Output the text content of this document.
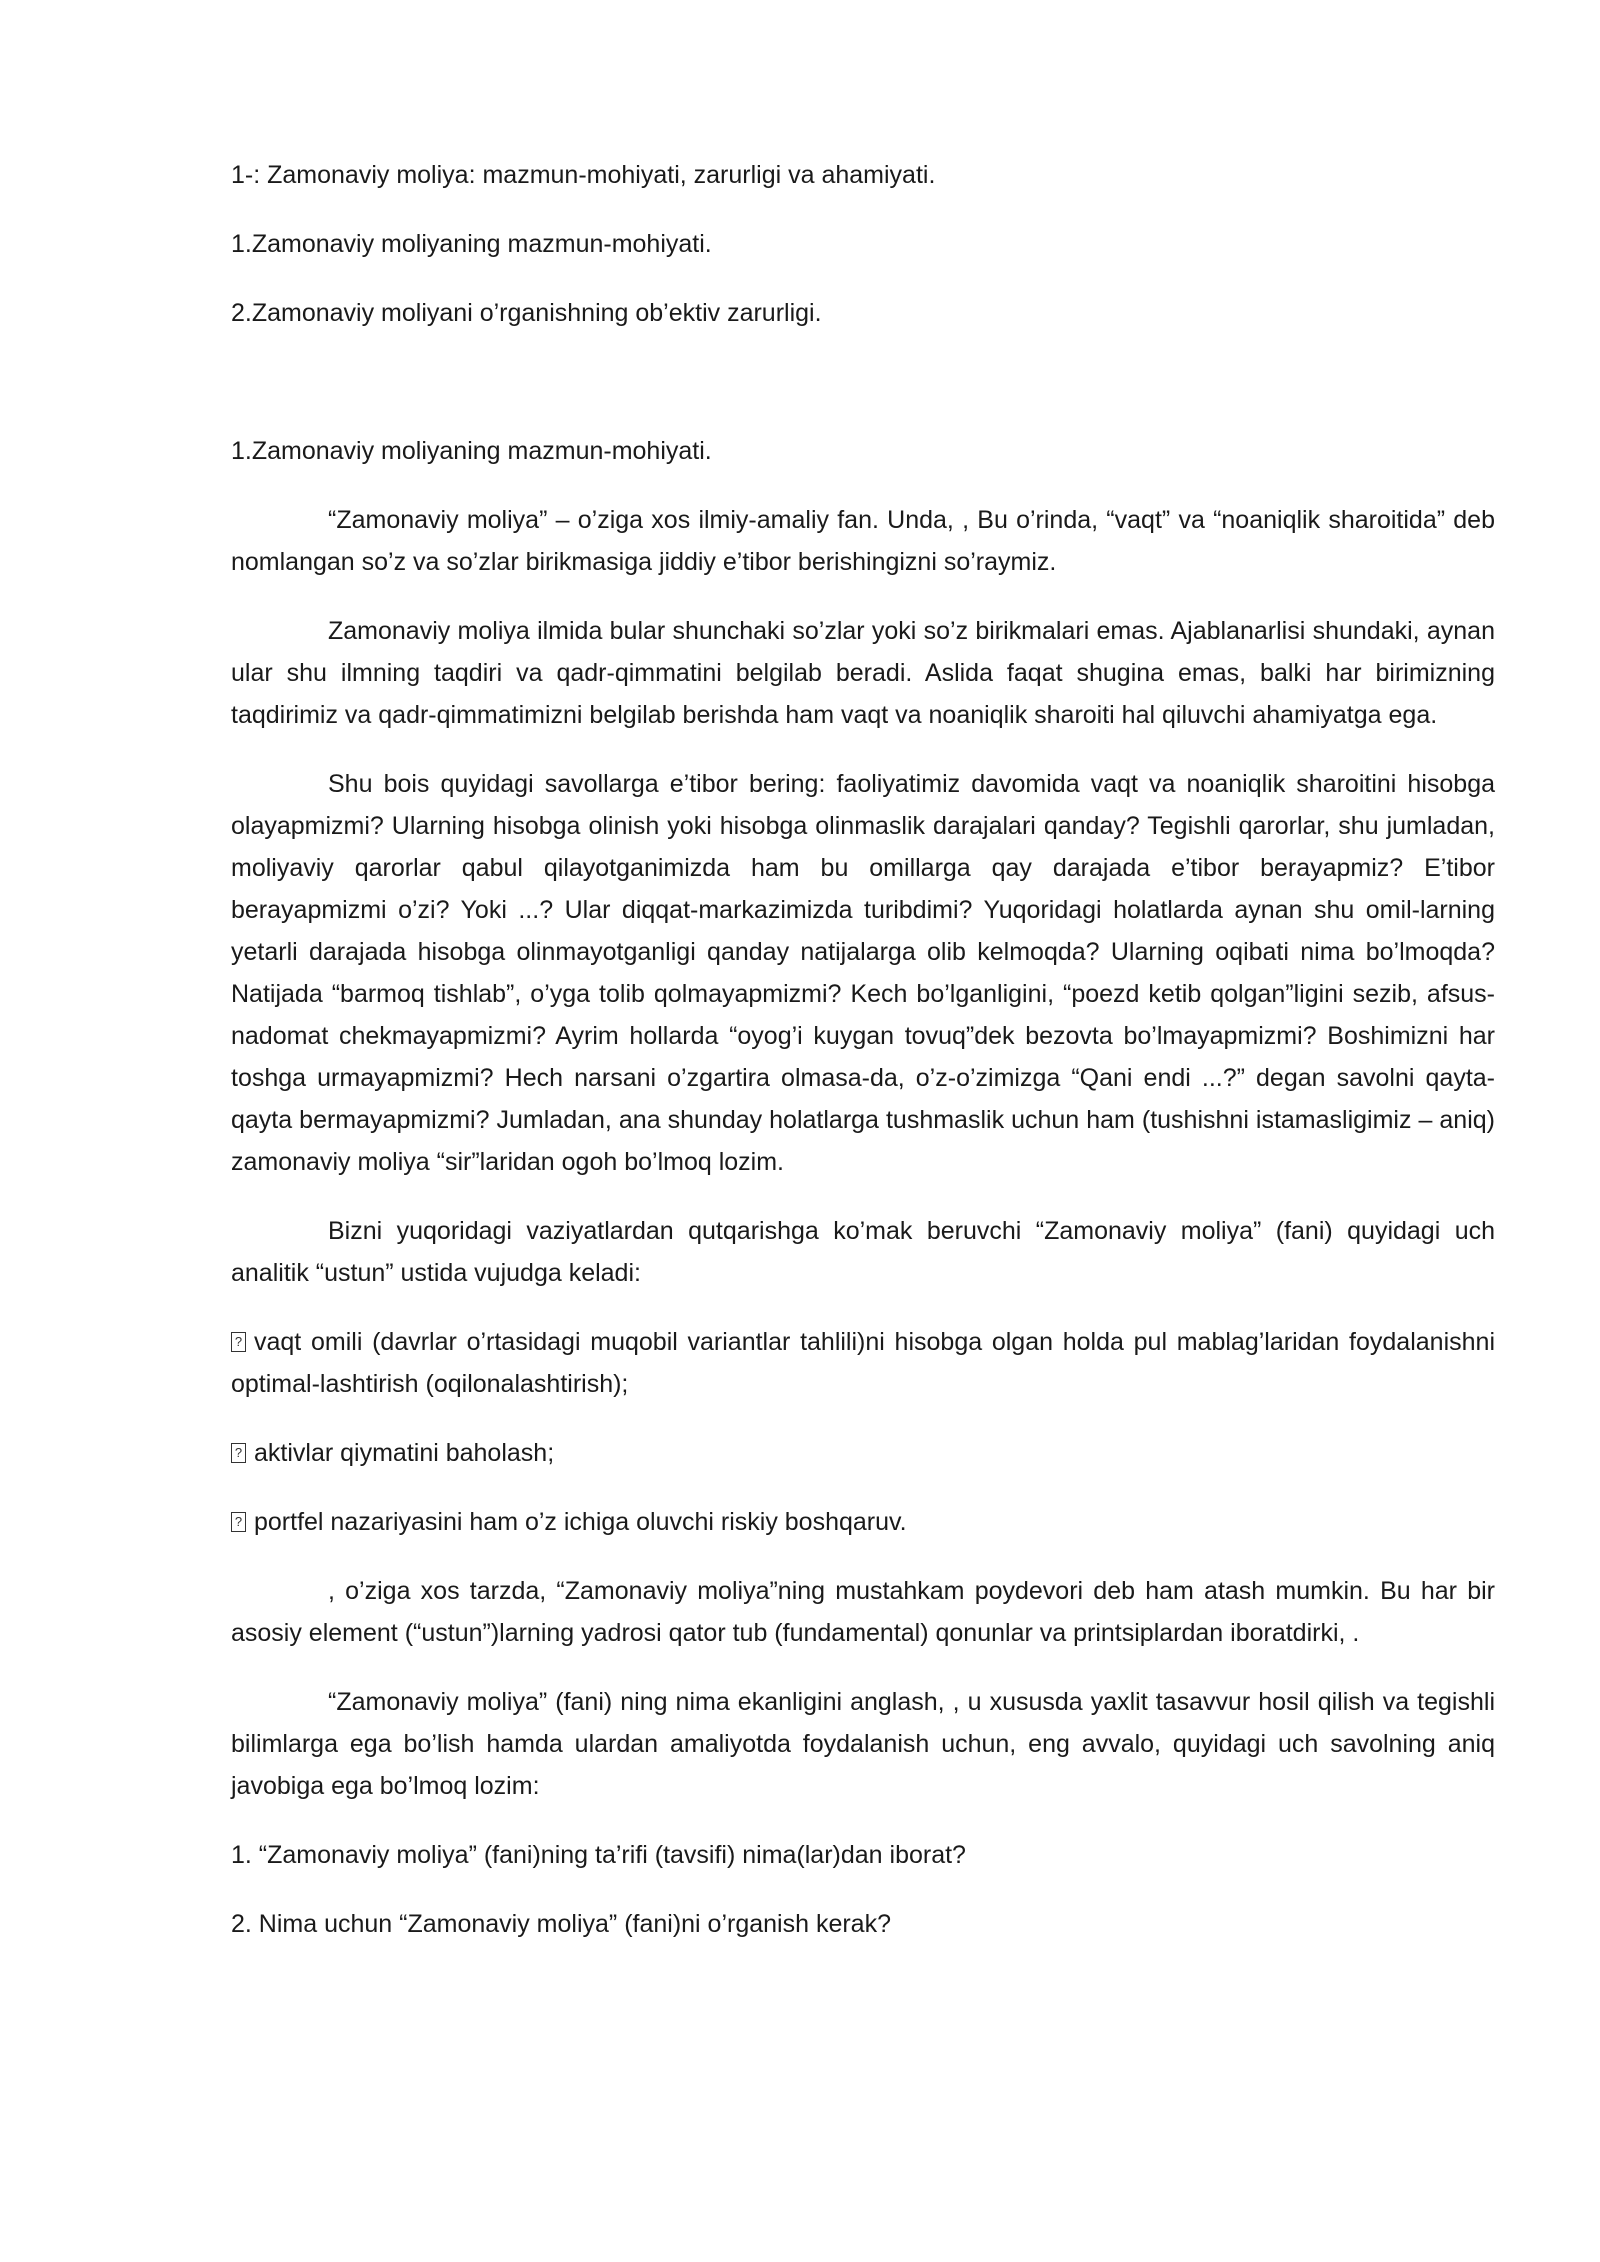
1-: Zamonaviy moliya: mazmun-mohiyati, zarurligi va ahamiyati.
1.Zamonaviy moliyaning mazmun-mohiyati.
2.Zamonaviy moliyani o’rganishning ob’ektiv zarurligi.
1.Zamonaviy moliyaning mazmun-mohiyati.

“Zamonaviy moliya” – o’ziga xos ilmiy-amaliy fan. Unda, , Bu o’rinda, “vaqt” va “noaniqlik sharoitida” deb nomlangan so’z va so’zlar birikmasiga jiddiy e’tibor berishingizni so’raymiz.

Zamonaviy moliya ilmida bular shunchaki so’zlar yoki so’z birikmalari emas. Ajablanarlisi shundaki, aynan ular shu ilmning taqdiri va qadr-qimmatini belgilab beradi. Aslida faqat shugina emas, balki har birimizning taqdirimiz va qadr-qimmatimizni belgilab berishda ham vaqt va noaniqlik sharoiti hal qiluvchi ahamiyatga ega.

Shu bois quyidagi savollarga e’tibor bering: faoliyatimiz davomida vaqt va noaniqlik sharoitini hisobga olayapmizmi? Ularning hisobga olinish yoki hisobga olinmaslik darajalari qanday? Tegishli qarorlar, shu jumladan, moliyaviy qarorlar qabul qilayotganimizda ham bu omillarga qay darajada e’tibor berayapmiz? E’tibor berayapmizmi o’zi? Yoki ...? Ular diqqat-markazimizda turibdimi? Yuqoridagi holatlarda aynan shu omil-larning yetarli darajada hisobga olinmayotganligi qanday natijalarga olib kelmoqda? Ularning oqibati nima bo’lmoqda? Natijada “barmoq tishlab”, o’yga tolib qolmayapmizmi? Kech bo’lganligini, “poezd ketib qolgan”ligini sezib, afsus-nadomat chekmayapmizmi? Ayrim hollarda “oyog’i kuygan tovuq”dek bezovta bo’lmayapmizmi? Boshimizni har toshga urmayapmizmi? Hech narsani o’zgartira olmasa-da, o’z-o’zimizga “Qani endi ...?” degan savolni qayta-qayta bermayapmizmi? Jumladan, ana shunday holatlarga tushmaslik uchun ham (tushishni istamasligimiz – aniq) zamonaviy moliya “sir”laridan ogoh bo’lmoq lozim.

Bizni yuqoridagi vaziyatlardan qutqarishga ko’mak beruvchi “Zamonaviy moliya” (fani) quyidagi uch analitik “ustun” ustida vujudga keladi:

?vaqt omili (davrlar o’rtasidagi muqobil variantlar tahlili)ni hisobga olgan holda pul mablag’laridan foydalanishni optimal-lashtirish (oqilonalashtirish);

?aktivlar qiymatini baholash;

?portfel nazariyasini ham o’z ichiga oluvchi riskiy boshqaruv.

, o’ziga xos tarzda, “Zamonaviy moliya”ning mustahkam poydevori deb ham atash mumkin. Bu har bir asosiy element (“ustun”)larning yadrosi qator tub (fundamental) qonunlar va printsiplardan iboratdirki, .

“Zamonaviy moliya” (fani) ning nima ekanligini anglash, , u xususda yaxlit tasavvur hosil qilish va tegishli bilimlarga ega bo’lish hamda ulardan amaliyotda foydalanish uchun, eng avvalo, quyidagi uch savolning aniq javobiga ega bo’lmoq lozim:

1. “Zamonaviy moliya” (fani)ning ta’rifi (tavsifi) nima(lar)dan iborat?

2. Nima uchun “Zamonaviy moliya” (fani)ni o’rganish kerak?
